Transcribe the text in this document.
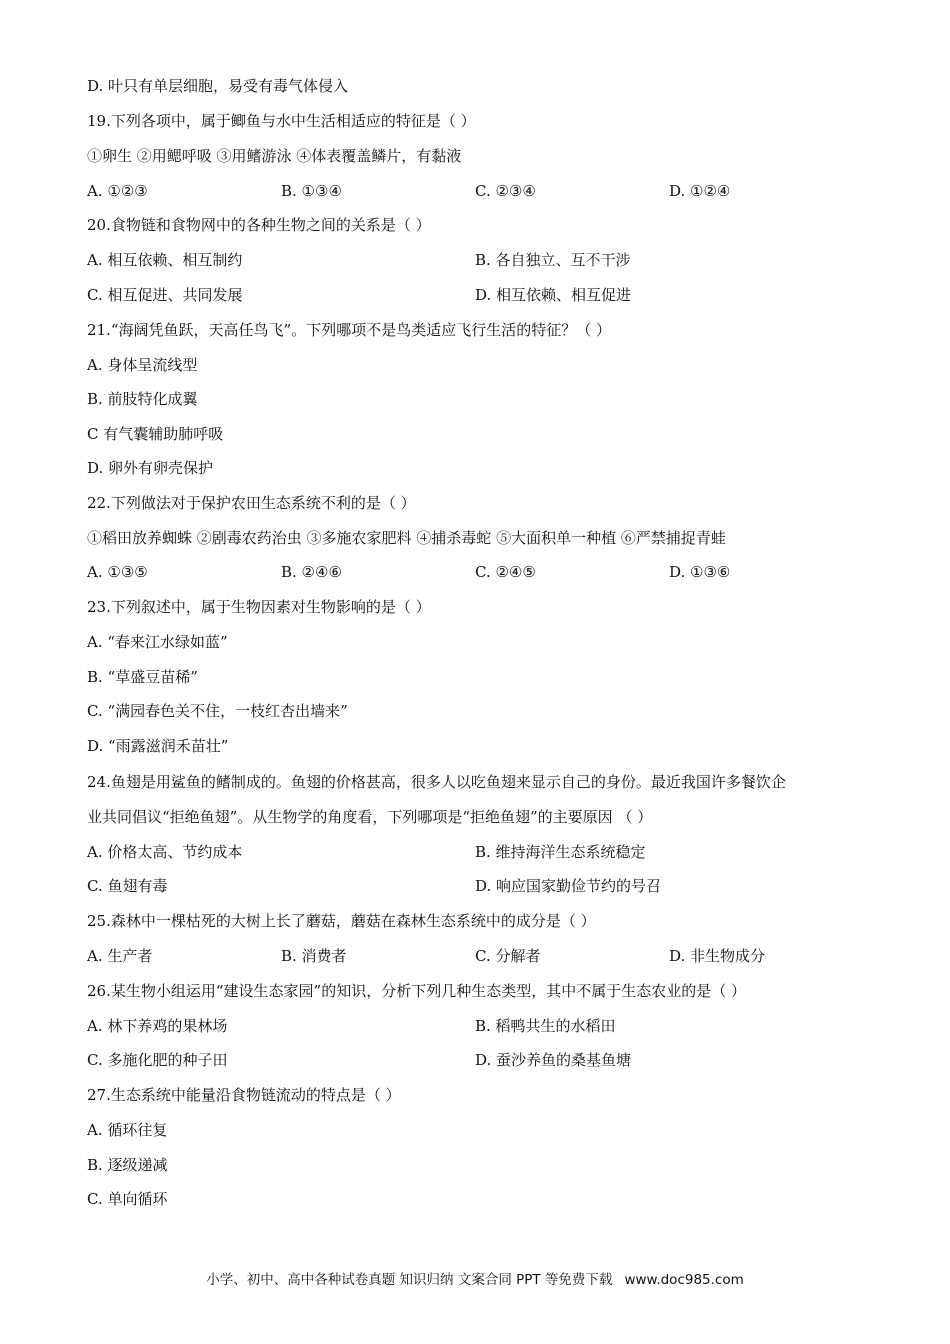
D. 叶只有单层细胞，易受有毒气体侵入
19.下列各项中，属于鲫鱼与水中生活相适应的特征是（ ）
①卵生 ②用鳃呼吸 ③用鳍游泳 ④体表覆盖鳞片，有黏液
A. ①②③	B. ①③④	C. ②③④	D. ①②④
20.食物链和食物网中的各种生物之间的关系是（ ）
A. 相互依赖、相互制约	B. 各自独立、互不干涉
C. 相互促进、共同发展	D. 相互依赖、相互促进
21.“海阔凭鱼跃，天高任鸟飞”。下列哪项不是鸟类适应飞行生活的特征？（ ）
A. 身体呈流线型
B. 前肢特化成翼
C 有气囊辅助肺呼吸
D. 卵外有卵壳保护
22.下列做法对于保护农田生态系统不利的是（ ）
①稻田放养蜘蛛 ②剧毒农药治虫 ③多施农家肥料 ④捕杀毒蛇 ⑤大面积单一种植 ⑥严禁捕捉青蛙
A. ①③⑤	B. ②④⑥	C. ②④⑤	D. ①③⑥
23.下列叙述中，属于生物因素对生物影响的是（ ）
A. “春来江水绿如蓝”
B. “草盛豆苗稀”
C. “满园春色关不住，一枝红杏出墙来”
D. “雨露滋润禾苗壮”
24.鱼翅是用鲨鱼的鳍制成的。鱼翅的价格甚高，很多人以吃鱼翅来显示自己的身份。最近我国许多餐饮企
业共同倡议“拒绝鱼翅”。从生物学的角度看，下列哪项是“拒绝鱼翅”的主要原因 （ ）
A. 价格太高、节约成本	B. 维持海洋生态系统稳定
C. 鱼翅有毒	D. 响应国家勤俭节约的号召
25.森林中一棵枯死的大树上长了蘑菇，蘑菇在森林生态系统中的成分是（ ）
A. 生产者	B. 消费者	C. 分解者	D. 非生物成分
26.某生物小组运用“建设生态家园”的知识，分析下列几种生态类型，其中不属于生态农业的是（ ）
A. 林下养鸡的果林场	B. 稻鸭共生的水稻田
C. 多施化肥的种子田	D. 蚕沙养鱼的桑基鱼塘
27.生态系统中能量沿食物链流动的特点是（ ）
A. 循环往复
B. 逐级递减
C. 单向循环
小学、初中、高中各种试卷真题 知识归纳 文案合同 PPT 等免费下载 www.doc985.com
